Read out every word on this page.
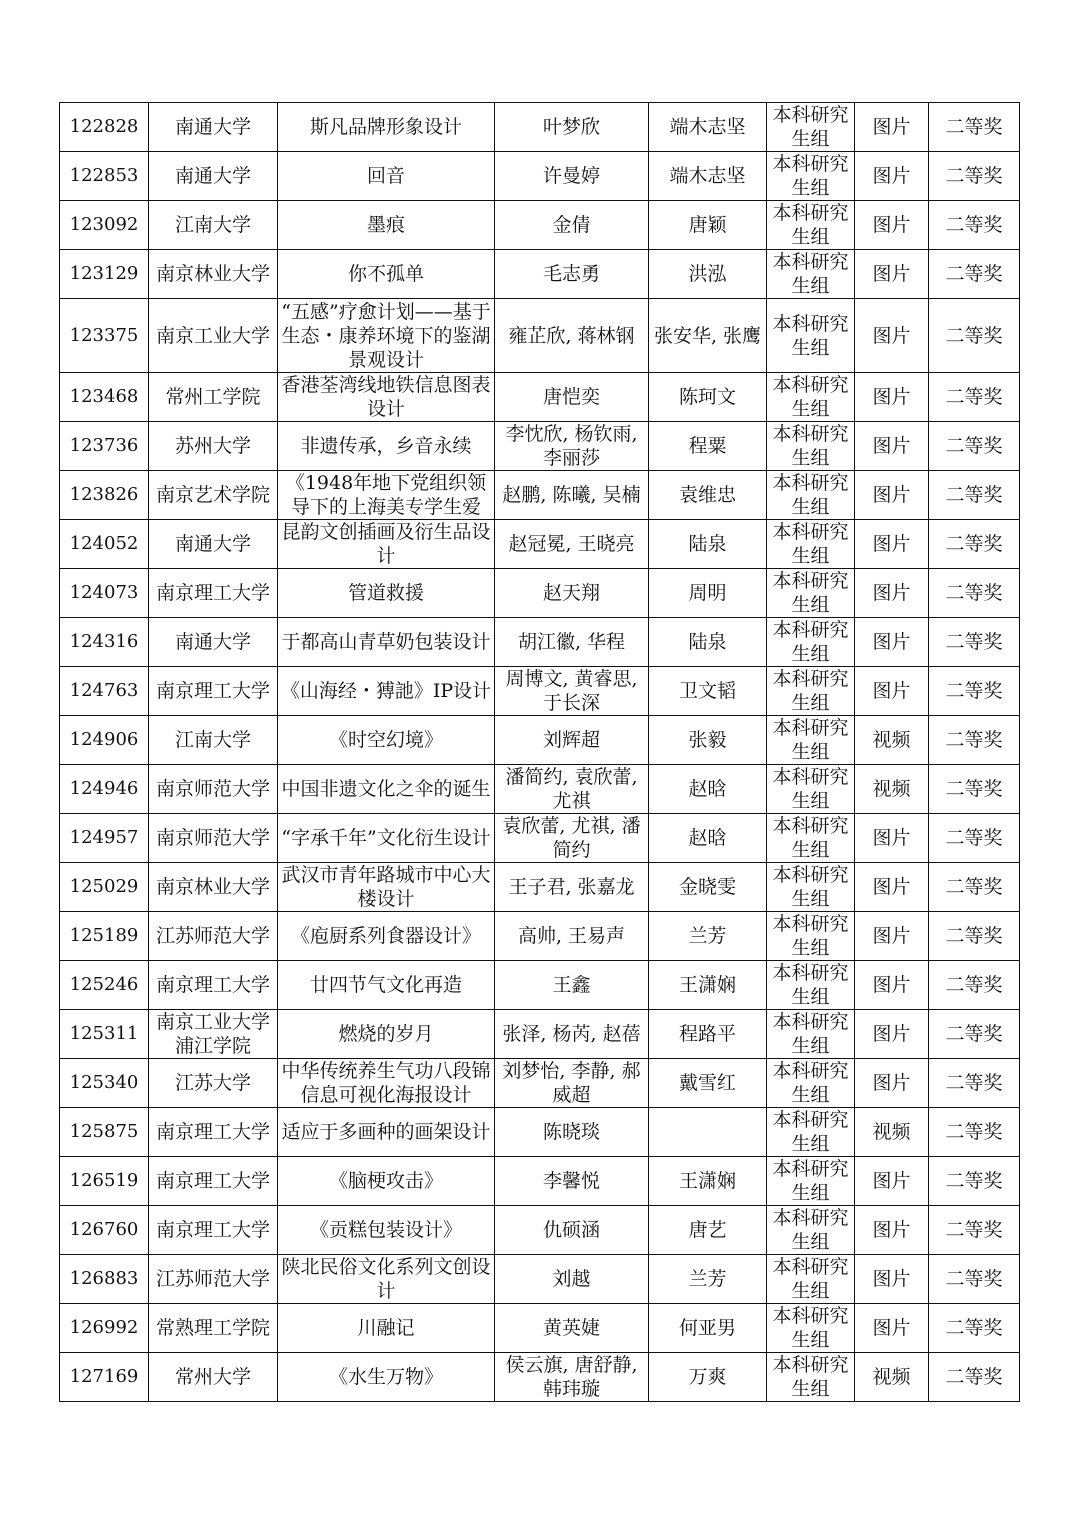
122828	南通大学	斯凡品牌形象设计	叶梦欣	端木志坚	本科研究生组	图片	二等奖
122853	南通大学	回音	许曼婷	端木志坚	本科研究生组	图片	二等奖
123092	江南大学	墨痕	金倩	唐颖	本科研究生组	图片	二等奖
123129	南京林业大学	你不孤单	毛志勇	洪泓	本科研究生组	图片	二等奖
123375	南京工业大学	“五感”疗愈计划——基于生态・康养环境下的鉴湖景观设计	雍芷欣, 蒋林钢	张安华, 张鹰	本科研究生组	图片	二等奖
123468	常州工学院	香港荃湾线地铁信息图表设计	唐恺奕	陈珂文	本科研究生组	图片	二等奖
123736	苏州大学	非遗传承，乡音永续	李忱欣, 杨钦雨, 李丽莎	程粟	本科研究生组	图片	二等奖
123826	南京艺术学院	《1948年地下党组织领导下的上海美专学生爱	赵鹏, 陈曦, 吴楠	袁维忠	本科研究生组	图片	二等奖
124052	南通大学	昆韵文创插画及衍生品设计	赵冠冕, 王晓亮	陆泉	本科研究生组	图片	二等奖
124073	南京理工大学	管道救援	赵天翔	周明	本科研究生组	图片	二等奖
124316	南通大学	于都高山青草奶包装设计	胡江徽, 华程	陆泉	本科研究生组	图片	二等奖
124763	南京理工大学	《山海经・猼訑》IP设计	周博文, 黄睿思, 于长深	卫文韬	本科研究生组	图片	二等奖
124906	江南大学	《时空幻境》	刘辉超	张毅	本科研究生组	视频	二等奖
124946	南京师范大学	中国非遗文化之伞的诞生	潘简约, 袁欣蕾, 尤祺	赵晗	本科研究生组	视频	二等奖
124957	南京师范大学	“字承千年”文化衍生设计	袁欣蕾, 尤祺, 潘简约	赵晗	本科研究生组	图片	二等奖
125029	南京林业大学	武汉市青年路城市中心大楼设计	王子君, 张嘉龙	金晓雯	本科研究生组	图片	二等奖
125189	江苏师范大学	《庖厨系列食器设计》	高帅, 王易声	兰芳	本科研究生组	图片	二等奖
125246	南京理工大学	廿四节气文化再造	王鑫	王潇娴	本科研究生组	图片	二等奖
125311	南京工业大学浦江学院	燃烧的岁月	张泽, 杨芮, 赵蓓	程路平	本科研究生组	图片	二等奖
125340	江苏大学	中华传统养生气功八段锦信息可视化海报设计	刘梦怡, 李静, 郝威超	戴雪红	本科研究生组	图片	二等奖
125875	南京理工大学	适应于多画种的画架设计	陈晓琰		本科研究生组	视频	二等奖
126519	南京理工大学	《脑梗攻击》	李馨悦	王潇娴	本科研究生组	图片	二等奖
126760	南京理工大学	《贡糕包装设计》	仇硕涵	唐艺	本科研究生组	图片	二等奖
126883	江苏师范大学	陕北民俗文化系列文创设计	刘越	兰芳	本科研究生组	图片	二等奖
126992	常熟理工学院	川融记	黄英婕	何亚男	本科研究生组	图片	二等奖
127169	常州大学	《水生万物》	侯云旗, 唐舒静, 韩玮璇	万爽	本科研究生组	视频	二等奖
